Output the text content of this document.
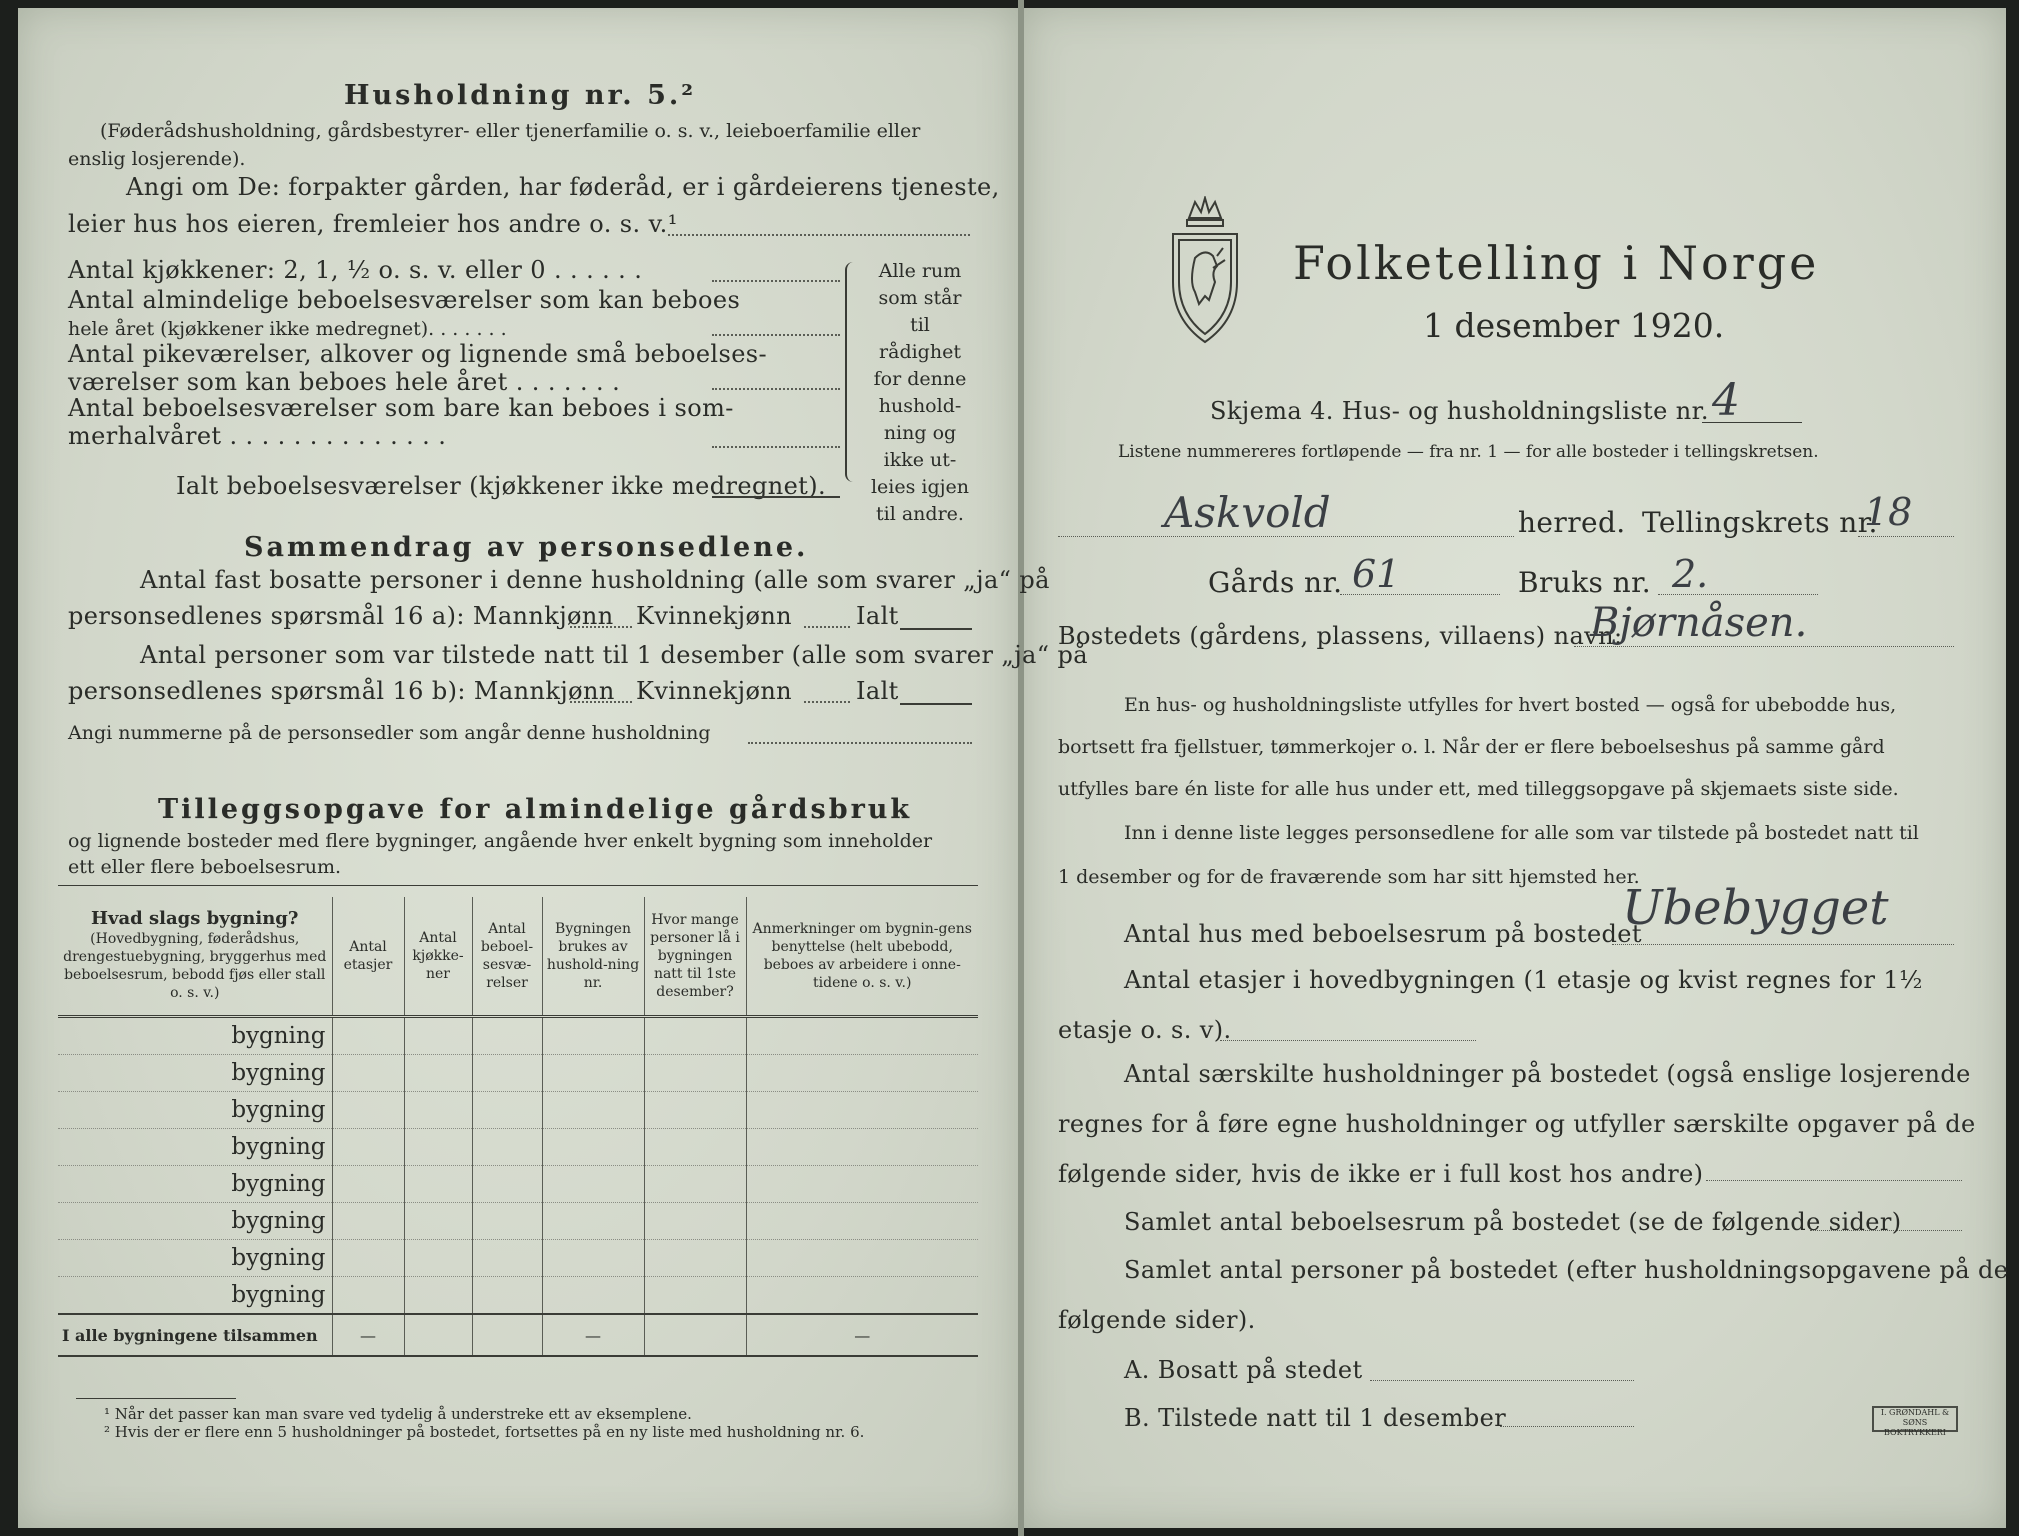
Husholdning nr. 5.²
(Føderådshusholdning, gårdsbestyrer- eller tjenerfamilie o. s. v., leieboerfamilie eller
enslig losjerende).
Angi om De: forpakter gården, har føderåd, er i gårdeierens tjeneste,
leier hus hos eieren, fremleier hos andre o. s. v.¹
Antal kjøkkener: 2, 1, ½ o. s. v. eller 0 . . . . . .
Antal almindelige beboelsesværelser som kan beboes
hele året (kjøkkener ikke medregnet). . . . . . .
Antal pikeværelser, alkover og lignende små beboelses-
værelser som kan beboes hele året . . . . . . .
Antal beboelsesværelser som bare kan beboes i som-
merhalvåret . . . . . . . . . . . . . .
Ialt beboelsesværelser (kjøkkener ikke medregnet).
Alle rum
som står til
rådighet
for denne
hushold-
ning og
ikke ut-
leies igjen
til andre.
Sammendrag av personsedlene.
Antal fast bosatte personer i denne husholdning (alle som svarer „ja“ på
personsedlenes spørsmål 16 a): Mannkjønn Kvinnekjønn	Ialt
Antal personer som var tilstede natt til 1 desember (alle som svarer „ja“ på
personsedlenes spørsmål 16 b): Mannkjønn Kvinnekjønn	Ialt
Angi nummerne på de personsedler som angår denne husholdning
Tilleggsopgave for almindelige gårdsbruk
og lignende bosteder med flere bygninger, angående hver enkelt bygning som inneholder
ett eller flere beboelsesrum.
Hvad slags bygning?
(Hovedbygning, føderådshus, drengestuebygning, bryggerhus med beboelsesrum, bebodd fjøs eller stall o. s. v.)	Antal etasjer	Antal kjøkke-ner	Antal beboel-sesvæ-relser	Bygningen brukes av hushold-ning nr.	Hvor mange personer lå i bygningen natt til 1ste desember?	Anmerkninger om bygnin-gens benyttelse (helt ubebodd, beboes av arbeidere i onne-tidene o. s. v.)
bygning						
bygning						
bygning						
bygning						
bygning						
bygning						
bygning						
bygning						
I alle bygningene tilsammen	—			—		—
¹ Når det passer kan man svare ved tydelig å understreke ett av eksemplene.
² Hvis der er flere enn 5 husholdninger på bostedet, fortsettes på en ny liste med husholdning nr. 6.
Folketelling i Norge
1 desember 1920.
Skjema 4. Hus- og husholdningsliste nr. 4
Listene nummereres fortløpende — fra nr. 1 — for alle bosteder i tellingskretsen.
Askvold	herred. Tellingskrets nr.
18
Gårds nr. 61	Bruks nr. 2.
Bostedets (gårdens, plassens, villaens) navn:
Bjørnåsen.
En hus- og husholdningsliste utfylles for hvert bosted — også for ubebodde hus,
bortsett fra fjellstuer, tømmerkojer o. l. Når der er flere beboelseshus på samme gård
utfylles bare én liste for alle hus under ett, med tilleggsopgave på skjemaets siste side.
Inn i denne liste legges personsedlene for alle som var tilstede på bostedet natt til
1 desember og for de fraværende som har sitt hjemsted her.
Antal hus med beboelsesrum på bostedet
Ubebygget
Antal etasjer i hovedbygningen (1 etasje og kvist regnes for 1½
etasje o. s. v).
Antal særskilte husholdninger på bostedet (også enslige losjerende
regnes for å føre egne husholdninger og utfyller særskilte opgaver på de
følgende sider, hvis de ikke er i full kost hos andre)
Samlet antal beboelsesrum på bostedet (se de følgende sider)
Samlet antal personer på bostedet (efter husholdningsopgavene på de
følgende sider).
A. Bosatt på stedet
B. Tilstede natt til 1 desember	I. GRØNDAHL & SØNS BOKTRYKKERI
